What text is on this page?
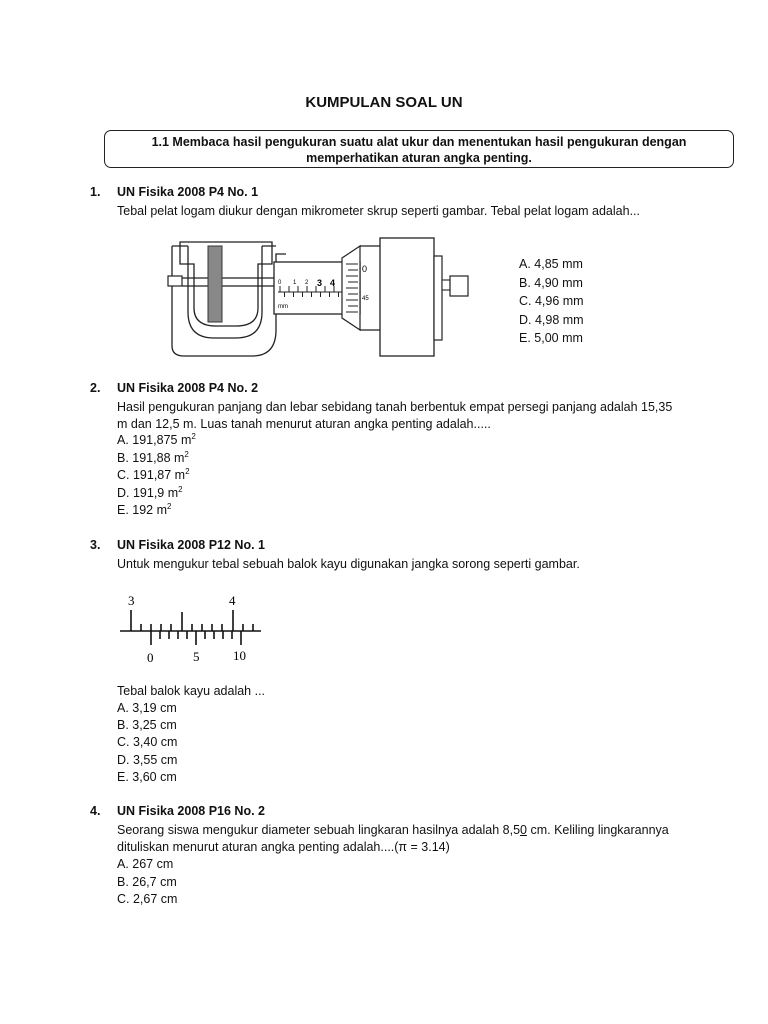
KUMPULAN SOAL UN
1.1 Membaca hasil pengukuran suatu alat ukur dan menentukan hasil pengukuran dengan
memperhatikan aturan angka penting.
1. UN Fisika 2008 P4 No. 1
Tebal pelat logam diukur dengan mikrometer skrup seperti gambar. Tebal pelat logam adalah...
0 1 2 3 4
mm
0
45
A. 4,85 mm
B. 4,90 mm
C. 4,96 mm
D. 4,98 mm
E. 5,00 mm
2. UN Fisika 2008 P4 No. 2
Hasil pengukuran panjang dan lebar sebidang tanah berbentuk empat persegi panjang adalah 15,35
m dan 12,5 m. Luas tanah menurut aturan angka penting adalah.....
A. 191,875 $m^2$
B. 191,88 $m^2$
C. 191,87 $m^2$
D. 191,9 $m^2$
E. 192 $m^2$
3. UN Fisika 2008 P12 No. 1
Untuk mengukur tebal sebuah balok kayu digunakan jangka sorong seperti gambar.
3	4
0	5	10
Tebal balok kayu adalah ...
A. 3,19 cm
B. 3,25 cm
C. 3,40 cm
D. 3,55 cm
E. 3,60 cm
4. UN Fisika 2008 P16 No. 2
Seorang siswa mengukur diameter sebuah lingkaran hasilnya adalah 8,50 cm. Keliling lingkarannya
dituliskan menurut aturan angka penting adalah....(π = 3.14)
A. 267 cm
B. 26,7 cm
C. 2,67 cm
